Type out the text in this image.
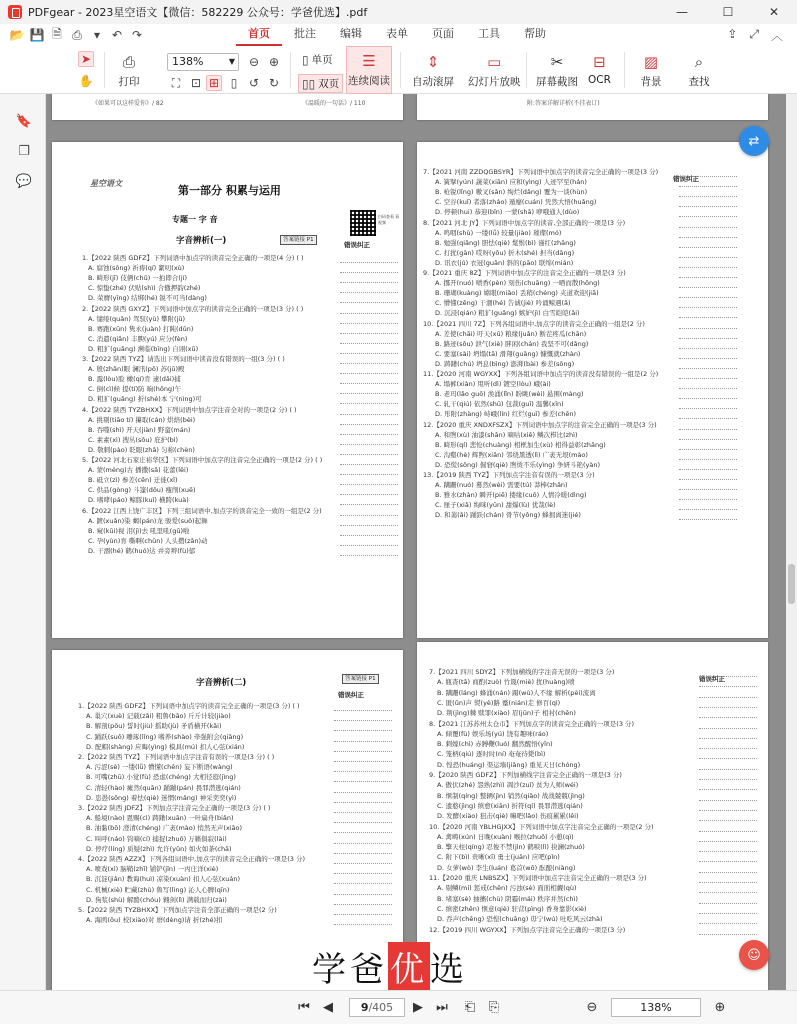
PDFgear - 2023星空语文【微信：582229 公众号：学爸优选】.pdf	—	☐	✕
📂 💾 🗎 ⎙	▾ ↶ ↷	首页	批注	编辑	表单	页面	工具	帮助	⇪ ⤢ ︿
➤
✋
⎙
打印
138%	▼ ⊖ ⊕
⛶ ⊡ ⊞ ▯ ↺ ↻
▯ 单页
▯▯ 双页
☰
连续阅读
⇕
自动滚屏
▭
幻灯片放映
✂
屏幕截图
⊟
OCR
▨
背景
⌕
查找
🔖
❐
💬
《如果可以这样爱你》/ 82	《温暖的一句话》/ 110	附:答案详解详析(不挂表订)
星空语文
第一部分 积累与运用
扫码查看 看视频
专题一 字 音
字音辨析(一)	答案链接 P1
错误纠正
1.【2022 陕西 GDFZ】下列词语中加点字的读音完全正确的一项是(4 分) ( )
A. 腐蚀(sǒng) 祈祷(qí) 絮叨(xù)
B. 畸形(jī) 伎俩(chǔ) 一拍即合(jí)
C. 惊蛰(zhé) 伏贴(shì) 合辙押韵(zhé)
D. 荣膺(yīng) 结绑(hé) 锐不可当(dàng)
2.【2022 陕西 GXYZ】下列词语中加点字的读音完全正确的一项是(3 分) ( )
A. 缱绻(quǎn) 驾驭(yù) 攀附(jǔ)
B. 赛跑(xūn) 隽永(juàn) 打盹(dǔn)
C. 消遣(qiǎn) 丰腴(yú) 应分(fèn)
D. 粗犷(guǎng) 濒临(bīng) 自诩(xǔ)
3.【2022 陕西 TYZ】请选出下列词语中读音没有错误的一组(3 分) ( )
A. 殷(zhǎn)眼 澜汛(pō) 苏(jū)殿
B. 露(lòu)脸 橄(qí)肯 逮(dǎi)捕
C. 倒(cì)候 提(tí)防 晌(hōng)午
D. 粗犷(guǎng) 折(shé)本 宁(nìng)可
4.【2022 陕西 TYZBHXX】下列词语中加点字注音全对的一项是(2 分) ( )
A. 挑剔(tiāo tí) 攥取(cán) 烘焙(bèi)
B. 吞噬(shì) 开天(jiàn) 野蛮(mán)
C. 素素(xì) 搜丛(sōu) 庇护(bì)
D. 敬刺(pào) 眨眼(zhǎ) 匀称(chèn)
5.【2022 河北石家庄裕华区】下列词语中加点字的注音完全正确的一项是(2 分) ( )
A. 蒙(méng)古 播撒(sǎ) 花蕾(lěi)
B. 砥立(zì) 参差(cēn) 迁徙(xǐ)
C. 供品(gòng) 斗篷(dǒu) 瘦削(xuē)
D. 嗜哮(páo) 鲸豚(kuǐ) 横跨(kuà)
6.【2022 江西上饶广丰区】下列三组词语中,加点字的读音完全一致的一组是(2 分)
A. 踱(xuǎn)染 蝎(pán)龙 骏爱(suǒ)起舞
B. 窥(kūi)视 泪(jì)去 吼里吼(gū)啦
C. 孕(yùn)育 嘶啊(chǔn) 人头攒(zǎn)动
D. 干涸(hé) 鹤(huó)达 并旁辫(fù)郁
错误纠正
7.【2021 河南 ZZDQGBSYR】下列词语中加点字的读音完全正确的一项是(3 分)
A. 簧擘(yún) 蔬菜(xiān) 应和(yìng) 人迹罕至(hán)
B. 枪锐(lǐng) 嗷叉(sǎn) 绚烂(dǎng) 覆为一谈(hùn)
C. 空谷(kuǐ) 者落(zháo) 遁靡(cuán) 凭然大悟(huǎng)
D. 停顿(hui) 恭迎(bǐn) 一蒙(shā) 咿哦通人(dùo)
8.【2021 河北 JY】下列词语中加点字的读音,全部正确的一项是(3 分)
A. 鸣咽(shù) 一缕(lǚ) 较量(jiào) 璀璨(mó)
B. 勉强(qiǎng) 胆怯(qiè) 髦鬃(bì) 谨红(zhāng)
C. 打扰(gān) 哎呀(yōu) 折木(shé) 担当(dāng)
D. 讯衣(jú) 衣冠(guān) 斜的(pāo) 联绵(mián)
9.【2021 重庆 8Z】下列词语中加点字的注音完全正确的一项是(3 分)
A. 挪开(nuó) 喷香(pèn) 刻伤(chuāng) 一晒而散(hōng)
B. 珊瑚(kuàng) 嫦眼(miǎo) 丢稍(chéng) 夹道欢迎(jiā)
C. 懵懂(zēng) 干涸(hé) 告诚(jiè) 吟诵鲸遇(ǎ)
D. 沉浸(qián) 粗犷(guǎng) 嫉妒(jì) 白雪皑皑(ǎi)
10.【2021 四川 7Z】下列各组词语中,加点字的读音完全正确的一组是(2 分)
A. 差使(chāi) 吁天(xū) 粮缘(juǎn) 断茬疼瓜(chān)
B. 路迹(sōu) 泄气(xiè) 胖闲(chán) 我坚不可(dǎng)
C. 要塞(sài) 坍塌(tā) 滑翔(guǎng) 慷慨就(zhàn)
D. 踌躇(chú) 坍息(bìng) 澎湃(bài) 参差(sōng)
11.【2020 河南 WGYXX】下列各组词语中加点字的读音没有错误的一组是(2 分)
A. 塌裤(xiàn) 甩听(dì) 镀空(lòu) 峨(ài)
B. 老玛(lǎo guō) 涣涌(lǐn) 盼眺(wèi) 悬围(màng)
C. 轧干(qiú) 依然(shū) 包裁(guī) 温馨(xīn)
D. 彤附(zhàng) 峙峨(lín) 红烂(guī) 参差(chēn)
12.【2020 重庆 XNDXFSZX】下列词语中加点字的注音完全正确的一项是(3 分)
A. 和煦(xù) 油漆(shān) 嘀咕(xiē) 鳞次栉比(zhì)
B. 畸形(qí) 悲怆(chuàng) 相框加生(xù) 相得益彰(zhāng)
C. 沟壑(hè) 辉煦(xiǎn) 邻绕黑透(lì) 广袤无垠(mào)
D. 恐慌(sǒng) 倔窘(qiè) 煦烫不乐(yìng) 争妍斗艳(yàn)
13.【2019 陕西 TYZ】下列加点字注音有误的一项是(3 分)
A. 蹒跚(nuó) 蓦然(wèi) 需要(tú) 莽棒(zhǎn)
B. 雅水(zhàn) 瞬开(piē) 搂缘(cuō) 人情冷暖(dìng)
C. 厘子(xiǎ) 绚咪(yūn) 甜爆(lù) 优哉(lè)
D. 和蔼(ǎi) 踊跃(chán) 骨节(yǒng) 蜂拥离迷(jié)
字音辨析(二)	答案链接 P1
错误纠正
1.【2022 陕西 GDFZ】下列词语中加点字的读音完全正确的一项是(3 分) ( )
A. 巢穴(xuè) 记载(zǎi) 粗鲁(bāo) 斤斤计较(jiào)
B. 解剖(pōu) 誓时(jiù) 摇助(jù) 矛盾横开(kǎi)
C. 踊跃(suǒ) 雕琢(lǐng) 嗜养(shào) 牵强附会(qiǎng)
D. 配帽(shàng) 应晦(yìng) 模具(mú) 扣人心弦(xián)
2.【2022 陕西 TYZ】下列词语中加点字注音有误的一项是(3 分) ( )
A. 污涩(sè) 一缕(lǚ) 懵懂(chěn) 妄下断语(wàng)
B. 可嘴(zhū) 小觉(fù) 恐虑(chéng) 大相径庭(jìng)
C. 清轻(hào) 瘫然(quān) 踊蹦(pán) 畏罪潜逃(qián)
D. 恣愚(sōng) 着怯(qiè) 迷惘(mǎng) 神采奕奕(yì)
3.【2022 陕西 JDFZ】下列加点字注音完全正确的一项是(3 分) ( )
A. 船境(nào) 恩赐(cì) 踌躇(xuān) 一叶扁舟(biǎn)
B. 油黏(bō) 澄清(chéng) 广袤(mào) 悄然无声(xiāo)
C. 叫呼(náo) 钨嘀(cí) 捕捉(zhuō) 万籁俱寂(lài)
D. 停疗(líng) 质疑(zhì) 允许(yǔn) 如火如荼(chā)
4.【2022 陕西 AZZX】下列各组词语中,加点字的读音完全正确的一项是(3 分)
A. 喷戏(xì) 脑鞘(zhī) 铺铲(jǐn) 一丙庄洋(xiè)
B. 沉淀(jiǎn) 教诲(huì) 凉染(xuàn) 扣人心弦(xuán)
C. 机械(xiè) 贮藏(zhù) 鲁写(lìng) 沁人心脾(qīn)
D. 狗浆(shù) 解酪(chóu) 翱剑(lì) 满载而归(zài)
5.【2022 陕西 TYZBHXX】下列加点字注音全部正确的一项是(2 分)
A. 海鸥(ōu) 校(xiào)对 磨(dèng)请 折(zhé)扣
错误纠正
7.【2021 四川 SDYZ】下列加横线的字注音无误的一项是(3 分)
A. 瓶杳(tā) 商酌(zuò) 竹篾(miè) 扰(huàng)喷
B. 蹒跚(láng) 蜂涌(nán) 蹑(wù)人不缘 解析(pèi)流离
C. 匿(ǔn)声 熨(yè)路 蹙(nián)走 修百(qì)
D. 荆(jìng)棘 赎罪(xiào) 眉(jūn)子 相衬(chēn)
8.【2021 江苏苏州太仓市】下列加点字的读音完全正确的一项是(3 分)
A. 倾覆(fù) 娱乐场(yú) 饶有趣味(ráo)
B. 刺嫁(chì) 赤膊鞭(luó) 翻然醒悟(yǐn)
C. 笼柄(qiú) 逐时时(ní) 奄奄待毙(bì)
D. 惶恐(huáng) 渠运墙(jiǎng) 重见天日(chóng)
9.【2020 陕西 GDFZ】下列加横线字注音完全正确的一项是(3 分)
A. 傲伏(zhé) 怨熟(zhì) 凋沙(zuǐ) 贫为人师(wéi)
B. 惬制(qíng) 整辆(jìn) 销然(qiǎo) 战战兢兢(jìng)
C. 遗憨(jìng) 缜愈(xiān) 折符(qí) 畏罪潜逃(qián)
D. 发酵(xiào) 狙击(qiè) 嘛吧(lǎo) 伤痕累累(lěi)
10.【2020 河南 YBLHGJXX】下列词语中加点字注音完全正确的一项是(2 分)
A. 禽畴(xún) 日晚(xuàn) 喉拉(zhuō) 小憩(qì)
B. 擎天柱(qíng) 忍俊不禁(jìn) 鹤唳(lì) 抉澜(zhuó)
C. 附下(bì) 贵晰(xī) 勇士(juān) 应吧(pǐn)
D. 女萝(wò) 李生(luán) 葛首(wǒ) 酝酿(niàng)
11.【2020 重庆 LNBSZX】下列词语中加点字注音完全正确的一项是(3 分)
A. 剔鳞(mí) 惩戒(chēn) 污浊(sè) 面面相觑(qù)
B. 堵塞(sè) 抽搐(chù) 阴霾(mái) 秩序并然(chì)
C. 缜密(zhěn) 惬意(qiè) 驻营(pìng) 香身靠影(xiè)
D. 吞声(chēng) 恐惶(chuāng) 毋宁(wú) 吐吃风云(zhà)
12.【2019 四川 WGYXX】下列加点字注音完全正确的一项是(3 分)
⇄
☺
学爸 优 选
⏮ ◀	9/405	▶ ⏭ ⎗ ⎘	⊖	138%	⊕
